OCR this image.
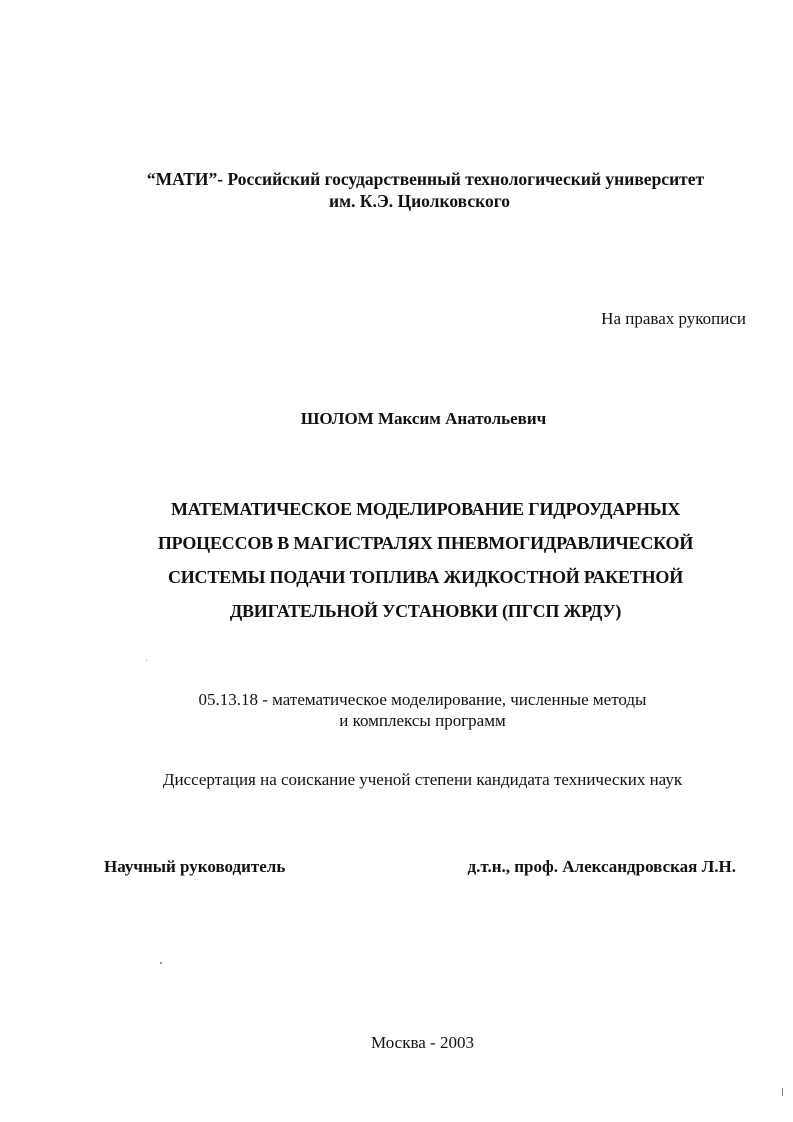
“МАТИ”- Российский государственный технологический университет
им. К.Э. Циолковского
На правах рукописи
ШОЛОМ Максим Анатольевич
МАТЕМАТИЧЕСКОЕ МОДЕЛИРОВАНИЕ ГИДРОУДАРНЫХ
ПРОЦЕССОВ В МАГИСТРАЛЯХ ПНЕВМОГИДРАВЛИЧЕСКОЙ
СИСТЕМЫ ПОДАЧИ ТОПЛИВА ЖИДКОСТНОЙ РАКЕТНОЙ
ДВИГАТЕЛЬНОЙ УСТАНОВКИ (ПГСП ЖРДУ)
05.13.18 - математическое моделирование, численные методы
и комплексы программ
Диссертация на соискание ученой степени кандидата технических наук
Научный руководитель	д.т.н., проф. Александровская Л.Н.
Москва - 2003
